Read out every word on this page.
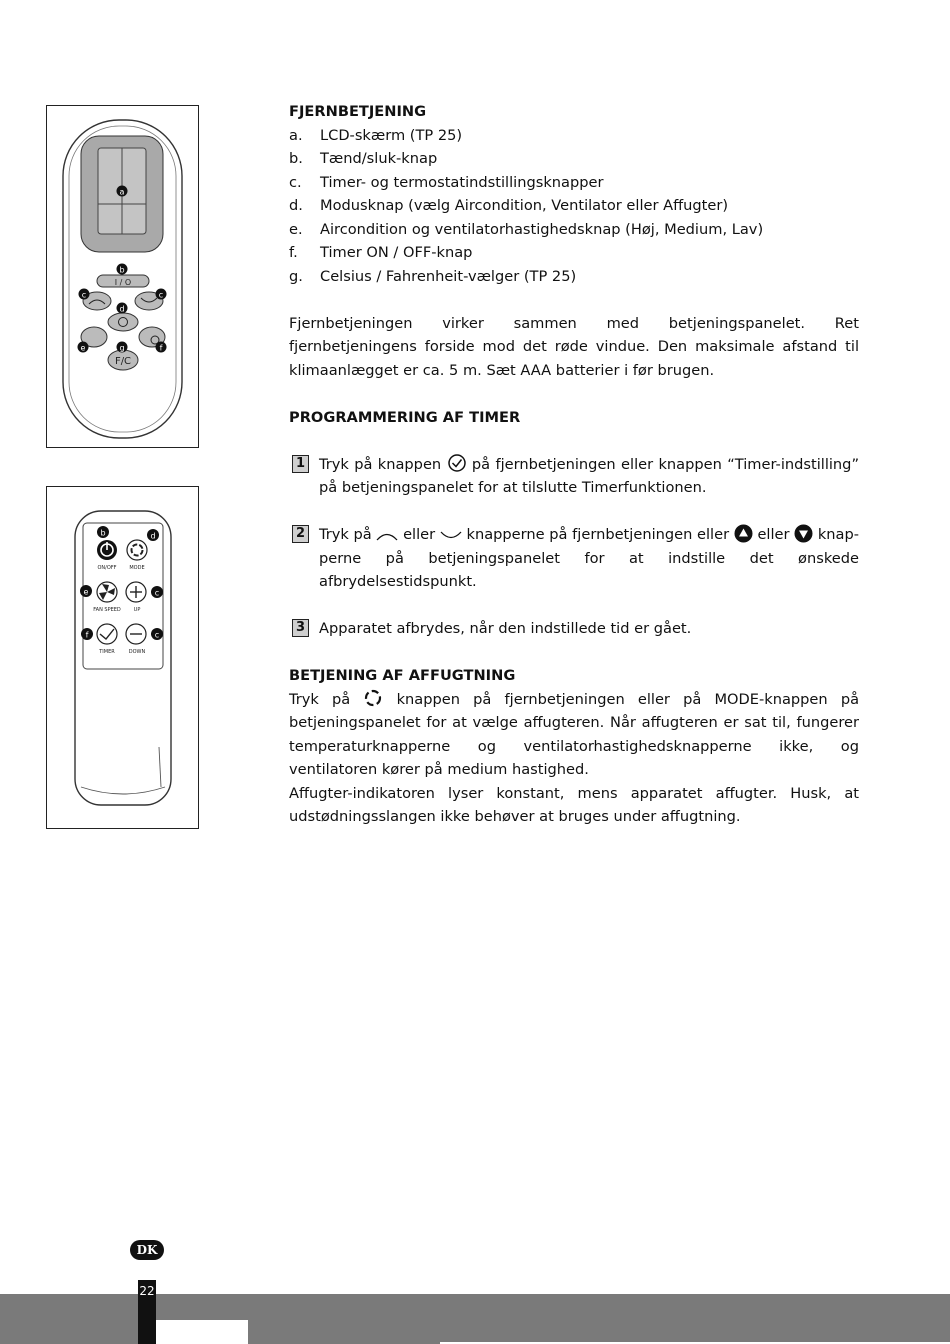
a
I / O
b
c	c
d
e
F/C
g	f
ON/OFF	MODE
b	d
FAN SPEED	UP
e	c
TIMER	DOWN
f	c
FJERNBETJENING
a.	LCD-skærm (TP 25)
b.	Tænd/sluk-knap
c.	Timer- og termostatindstillingsknapper
d.	Modusknap (vælg Aircondition, Ventilator eller Affugter)
e.	Aircondition og ventilatorhastighedsknap (Høj, Medium, Lav)
f.	Timer ON / OFF-knap
g.	Celsius / Fahrenheit-vælger (TP 25)

Fjernbetjeningen virker sammen med betjeningspanelet. Ret fjernbetjeningens forside mod det røde vindue. Den maksimale afstand til klimaanlægget er ca. 5 m. Sæt AAA batterier i før brugen.

PROGRAMMERING AF TIMER
1 Tryk på knappen på fjernbetjeningen eller knappen “Timer-indstilling” på betjeningspanelet for at tilslutte Timerfunktionen.

2 Tryk på eller knapperne på fjernbetjeningen eller eller knap-perne på betjeningspanelet for at indstille det ønskede afbrydelsestidspunkt.

3 Apparatet afbrydes, når den indstillede tid er gået.

BETJENING AF AFFUGTNING

Tryk på	knappen på fjernbetjeningen eller på MODE-knappen på betjeningspanelet for at vælge affugteren. Når affugteren er sat til, fungerer temperaturknapperne og ventilatorhastighedsknapperne ikke, og ventilatoren kører på medium hastighed.

Affugter-indikatoren lyser konstant, mens apparatet affugter. Husk, at udstødningsslangen ikke behøver at bruges under affugtning.

DK
22
